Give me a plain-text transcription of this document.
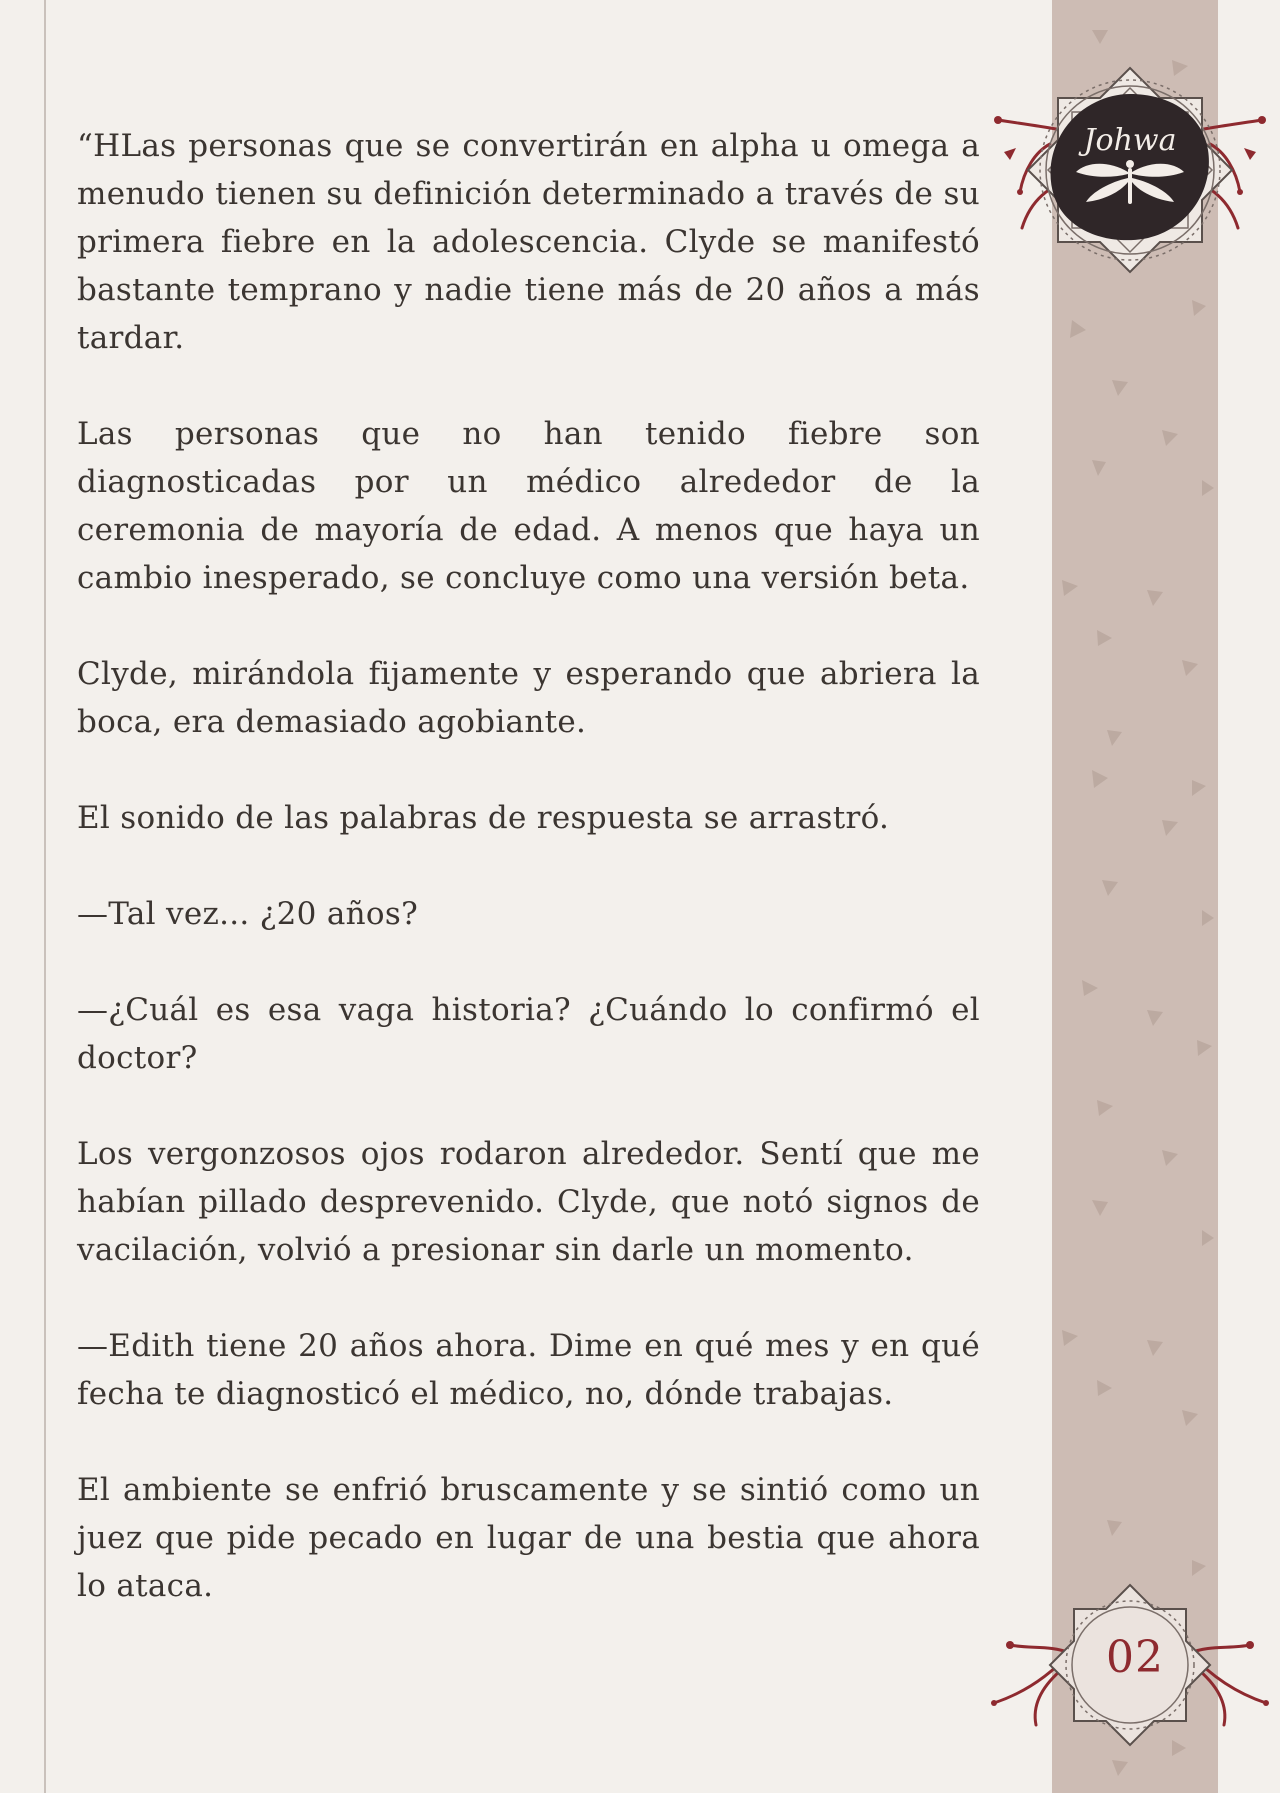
“HLas personas que se convertirán en alpha u omega a menudo tienen su definición determinado a través de su primera fiebre en la adolescencia. Clyde se manifestó bastante temprano y nadie tiene más de 20 años a más tardar.

Las personas que no han tenido fiebre son diagnosticadas por un médico alrededor de la ceremonia de mayoría de edad. A menos que haya un cambio inesperado, se concluye como una versión beta.

Clyde, mirándola fijamente y esperando que abriera la boca, era demasiado agobiante.

El sonido de las palabras de respuesta se arrastró.

—Tal vez... ¿20 años?

—¿Cuál es esa vaga historia? ¿Cuándo lo confirmó el doctor?

Los vergonzosos ojos rodaron alrededor. Sentí que me habían pillado desprevenido. Clyde, que notó signos de vacilación, volvió a presionar sin darle un momento.

—Edith tiene 20 años ahora. Dime en qué mes y en qué fecha te diagnosticó el médico, no, dónde trabajas.

El ambiente se enfrió bruscamente y se sintió como un juez que pide pecado en lugar de una bestia que ahora lo ataca.

Johwa
02
